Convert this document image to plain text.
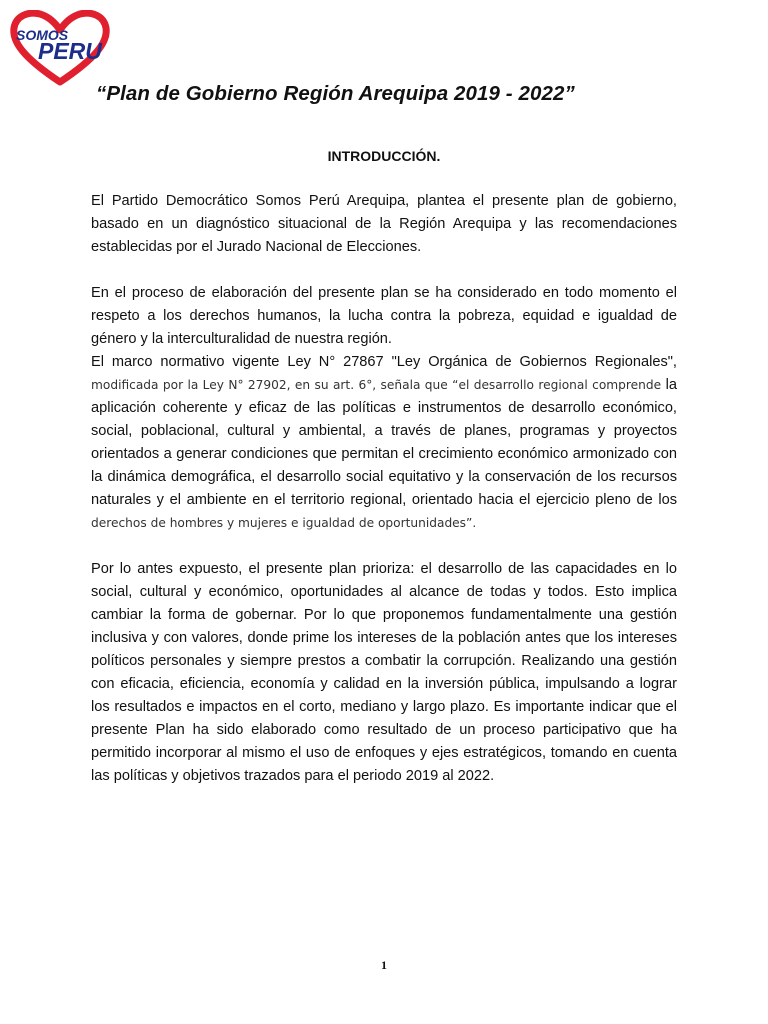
SOMOS
PERU
“Plan de Gobierno Región Arequipa 2019 - 2022”
INTRODUCCIÓN.

El Partido Democrático Somos Perú Arequipa, plantea el presente plan de gobierno, basado en un diagnóstico situacional de la Región Arequipa y las recomendaciones establecidas por el Jurado Nacional de Elecciones.

En el proceso de elaboración del presente plan se ha considerado en todo momento el respeto a los derechos humanos, la lucha contra la pobreza, equidad e igualdad de género y la interculturalidad de nuestra región.

El marco normativo vigente Ley N° 27867 "Ley Orgánica de Gobiernos Regionales", modificada por la Ley N° 27902, en su art. 6°, señala que “el desarrollo regional comprende la aplicación coherente y eficaz de las políticas e instrumentos de desarrollo económico, social, poblacional, cultural y ambiental, a través de planes, programas y proyectos orientados a generar condiciones que permitan el crecimiento económico armonizado con la dinámica demográfica, el desarrollo social equitativo y la conservación de los recursos naturales y el ambiente en el territorio regional, orientado hacia el ejercicio pleno de los derechos de hombres y mujeres e igualdad de oportunidades”.

Por lo antes expuesto, el presente plan prioriza: el desarrollo de las capacidades en lo social, cultural y económico, oportunidades al alcance de todas y todos. Esto implica cambiar la forma de gobernar. Por lo que proponemos fundamentalmente una gestión inclusiva y con valores, donde prime los intereses de la población antes que los intereses políticos personales y siempre prestos a combatir la corrupción. Realizando una gestión con eficacia, eficiencia, economía y calidad en la inversión pública, impulsando a lograr los resultados e impactos en el corto, mediano y largo plazo. Es importante indicar que el presente Plan ha sido elaborado como resultado de un proceso participativo que ha permitido incorporar al mismo el uso de enfoques y ejes estratégicos, tomando en cuenta las políticas y objetivos trazados para el periodo 2019 al 2022.

1
